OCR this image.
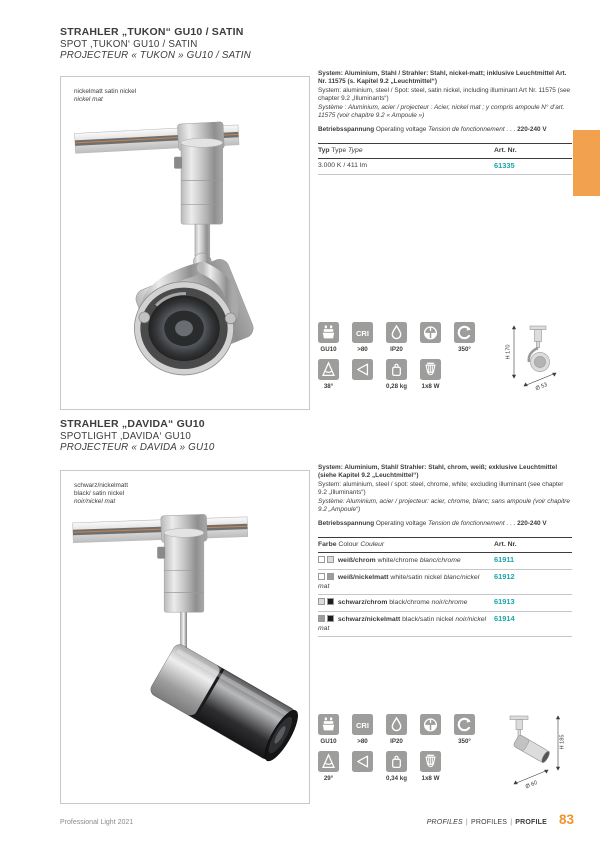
STRAHLER „TUKON“ GU10 / SATIN
SPOT ‚TUKON‘ GU10 / SATIN
PROJECTEUR « TUKON » GU10 / SATIN
nickelmatt satin nickel
nickel mat

System: Aluminium, Stahl / Strahler: Stahl, nickel-matt; inklusive Leuchtmittel Art. Nr. 11575 (s. Kapitel 9.2 „Leuchtmittel“)

System: aluminium, steel / Spot: steel, satin nickel, including illuminant Art Nr. 11575 (see chapter 9.2 „Illuminants“)

Système : Aluminium, acier / projecteur : Acier, nickel mat ; y compris ampoule N° d’art. 11575 (voir chapitre 9.2 « Ampoule »)

Betriebsspannung Operating voltage Tension de fonctionnement . . . 220-240 V

Typ Type Type	Art. Nr.
3.000 K / 411 lm	61335
GU10
CRI
>80	IP20	350°
38°	0,28 kg 1x8 W
H 170
Ø 53
STRAHLER „DAVIDA“ GU10
SPOTLIGHT ‚DAVIDA‘ GU10
PROJECTEUR « DAVIDA » GU10
schwarz/nickelmatt
black/ satin nickel
noir/nickel mat

System: Aluminium, Stahl/ Strahler: Stahl, chrom, weiß; exklusive Leuchtmittel (siehe Kapitel 9.2 „Leuchtmittel“)

System: aluminium, steel / spot: steel, chrome, white; excluding illuminant (see chapter 9.2 „Illuminants“)

Système: Aluminium, acier / projecteur: acier, chrome, blanc; sans ampoule (voir chapitre 9.2 „Ampoule“)

Betriebsspannung Operating voltage Tension de fonctionnement . . . 220-240 V

Farbe Colour Couleur	Art. Nr.
weiß/chrom white/chrome blanc/chrome	61911
weiß/nickelmatt white/satin nickel blanc/nickel mat
61912
schwarz/chrom black/chrome noir/chrome	61913
schwarz/nickelmatt black/satin nickel noir/nickel mat
61914
GU10
CRI
>80	IP20	350°
29°	0,34 kg 1x8 W
H 185
Ø 60
Professional Light 2021	PROFILES | PROFILES | PROFILE 83
